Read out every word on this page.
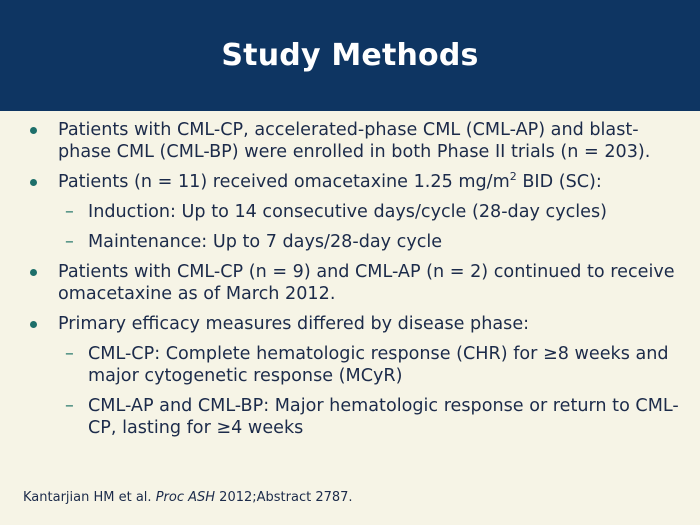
Study Methods
Patients with CML-CP, accelerated-phase CML (CML-AP) and blast-phase CML (CML-BP) were enrolled in both Phase II trials (n = 203).
Patients (n = 11) received omacetaxine 1.25 $mg/m^2$ BID (SC):
– Induction: Up to 14 consecutive days/cycle (28-day cycles)
– Maintenance: Up to 7 days/28-day cycle
Patients with CML-CP (n = 9) and CML-AP (n = 2) continued to receive omacetaxine as of March 2012.
Primary efficacy measures differed by disease phase:
– CML-CP: Complete hematologic response (CHR) for ≥8 weeks and major cytogenetic response (MCyR)
– CML-AP and CML-BP: Major hematologic response or return to CML-CP, lasting for ≥4 weeks
Kantarjian HM et al. Proc ASH 2012;Abstract 2787.
